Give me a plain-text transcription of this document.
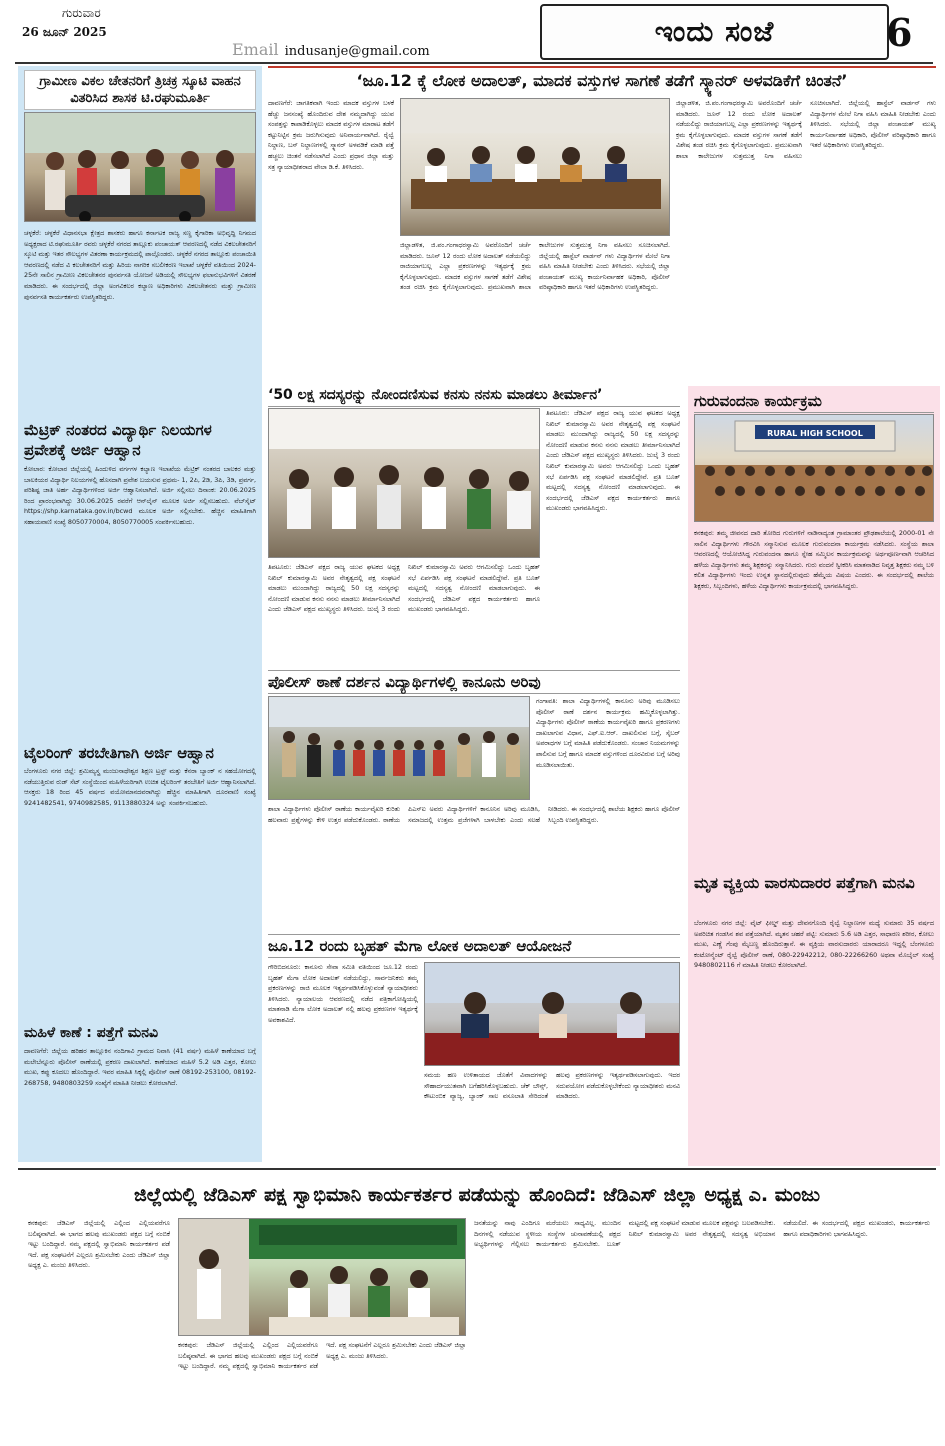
ಗುರುವಾರ
26 ಜೂನ್ 2025
Email indusanje@gmail.com
ಇಂದು ಸಂಜೆ	6
ಗ್ರಾಮೀಣ ವಿಕಲ ಚೇತನರಿಗೆ ತ್ರಿಚಕ್ರ ಸ್ಕೂಟಿ ವಾಹನ ವಿತರಿಸಿದ ಶಾಸಕ ಟಿ.ರಘುಮೂರ್ತಿ
ಚಳ್ಳಕೆರೆ: ಚಳ್ಳಕೆರೆ ವಿಧಾನಸಭಾ ಕ್ಷೇತ್ರದ ಶಾಸಕರು ಹಾಗೂ ಕರ್ನಾಟಕ ರಾಜ್ಯ ಸಣ್ಣ ಕೈಗಾರಿಕಾ ಅಭಿವೃದ್ಧಿ ನಿಗಮದ ಅಧ್ಯಕ್ಷರಾದ ಟಿ.ರಘುಮೂರ್ತಿ ರವರು ಚಳ್ಳಕೆರೆ ನಗರದ ತಾಲ್ಲೂಕು ಪಂಚಾಯತ್ ಆವರಣದಲ್ಲಿ ನಡೆದ ವಿಕಲಚೇತನರಿಗೆ ಸ್ಕೂಟಿ ಮತ್ತು ಇತರ ಸೌಲಭ್ಯಗಳ ವಿತರಣಾ ಕಾರ್ಯಕ್ರಮದಲ್ಲಿ ಪಾಲ್ಗೊಂಡರು. ಚಳ್ಳಕೆರೆ ನಗರದ ತಾಲ್ಲೂಕು ಪಂಚಾಯಿತಿ ಆವರಣದಲ್ಲಿ ನಡೆದ ವಿ ಕಲಚೇತನರಿಗೆ ಮತ್ತು ಹಿರಿಯ ನಾಗರಿಕ ಸಬಲೀಕರಣ ಇಲಾಖೆ ಚಳ್ಳಕೆರೆ ವತಿಯಿಂದ 2024-25ನೇ ಸಾಲಿನ ಗ್ರಾಮೀಣ ವಿಕಲಚೇತನರ ಪುನರ್ವಸತಿ ಯೋಜನೆ ಅಡಿಯಲ್ಲಿ ಸೌಲಭ್ಯಗಳ ಫಲಾನುಭವಿಗಳಿಗೆ ವಿತರಣೆ ಮಾಡಿದರು. ಈ ಸಂದರ್ಭದಲ್ಲಿ ಜಿಲ್ಲಾ ಅಂಗವಿಕಲರ ಕಲ್ಯಾಣ ಅಧಿಕಾರಿಗಳು ವಿಕಲಚೇತನರು ಮತ್ತು ಗ್ರಾಮೀಣ ಪುನರ್ವಸತಿ ಕಾರ್ಯಕರ್ತರು ಉಪಸ್ಥಿತರಿದ್ದರು.
ಮೆಟ್ರಿಕ್ ನಂತರದ ವಿದ್ಯಾರ್ಥಿ ನಿಲಯಗಳ ಪ್ರವೇಶಕ್ಕೆ ಅರ್ಜಿ ಆಹ್ವಾನ
ಕೋಲಾರ: ಕೋಲಾರ ಜಿಲ್ಲೆಯಲ್ಲಿ ಹಿಂದುಳಿದ ವರ್ಗಗಳ ಕಲ್ಯಾಣ ಇಲಾಖೆಯ ಮೆಟ್ರಿಕ್ ನಂತರದ ಬಾಲಕರ ಮತ್ತು ಬಾಲಕಿಯರ ವಿದ್ಯಾರ್ಥಿ ನಿಲಯಗಳಲ್ಲಿ ಹೊಸದಾಗಿ ಪ್ರವೇಶ ಬಯಸುವ ಪ್ರಥಮ- 1, 2ಪಿ, 2ಡಿ, 3ಪಿ, 3ಡಿ, ಪ್ರವರ್ಗ, ಪರಿಶಿಷ್ಟ ಜಾತಿ ಅರ್ಹ ವಿದ್ಯಾರ್ಥಿಗಳಿಂದ ಅರ್ಜಿ ಆಹ್ವಾನಿಸಲಾಗಿದೆ. ಅರ್ಜಿ ಸಲ್ಲಿಸಲು ದಿನಾಂಕ: 20.06.2025 ರಿಂದ ಪ್ರಾರಂಭವಾಗಿದ್ದು 30.06.2025 ರವರೆಗೆ ಆನ್‌ಲೈನ್ ಮೂಲಕ ಅರ್ಜಿ ಸಲ್ಲಿಸಬಹುದು. ವೆಬ್‌ಸೈಟ್ https://shp.karnataka.gov.in/bcwd ಮೂಲಕ ಅರ್ಜಿ ಸಲ್ಲಿಸಬೇಕು. ಹೆಚ್ಚಿನ ಮಾಹಿತಿಗಾಗಿ ಸಹಾಯವಾಣಿ ಸಂಖ್ಯೆ 8050770004, 8050770005 ಸಂಪರ್ಕಿಸಬಹುದು.
ಟೈಲರಿಂಗ್ ತರಬೇತಿಗಾಗಿ ಅರ್ಜಿ ಆಹ್ವಾನ
ಬೆಂಗಳೂರು ನಗರ ಜಿಲ್ಲೆ: ಶ್ರಮಿಮ್ಯಸ್ತ್ರ ಮಂಜುನಾಥೇಶ್ವರ ಶಿಕ್ಷಣ ಟ್ರಸ್ಟ್ ಮತ್ತು ಕೆನರಾ ಬ್ಯಾಂಕ್ ನ ಸಹಯೋಗದಲ್ಲಿ ನಡೆಯುತ್ತಿರುವ ರುಡ್ ಸೆಟ್ ಸಂಸ್ಥೆಯಿಂದ ಮಹಿಳೆಯರಿಗಾಗಿ ಉಚಿತ ಟೈಲರಿಂಗ್ ತರಬೇತಿಗೆ ಅರ್ಜಿ ಆಹ್ವಾನಿಸಲಾಗಿದೆ. ಆಸಕ್ತರು 18 ರಿಂದ 45 ವರ್ಷದ ವಯೋಮಾನದವರಾಗಿದ್ದು ಹೆಚ್ಚಿನ ಮಾಹಿತಿಗಾಗಿ ದೂರವಾಣಿ ಸಂಖ್ಯೆ 9241482541, 9740982585, 9113880324 ಅನ್ನು ಸಂಪರ್ಕಿಸಬಹುದು.
ಮಹಿಳೆ ಕಾಣೆ : ಪತ್ತೆಗೆ ಮನವಿ
ದಾವಣಗೆರೆ: ಜಿಲ್ಲೆಯ ಹರಿಹರ ತಾಲ್ಲೂಕಿನ ನಂದಿಗಾವಿ ಗ್ರಾಮದ ನಿವಾಸಿ (41 ವರ್ಷ) ಮಹಿಳೆ ಕಾಣೆಯಾದ ಬಗ್ಗೆ ಮಲೇಬೆನ್ನೂರು ಪೊಲೀಸ್ ಠಾಣೆಯಲ್ಲಿ ಪ್ರಕರಣ ದಾಖಲಾಗಿದೆ. ಕಾಣೆಯಾದ ಮಹಿಳೆ 5.2 ಅಡಿ ಎತ್ತರ, ಕೋಲು ಮುಖ, ಕಪ್ಪು ಕೂದಲು ಹೊಂದಿದ್ದಾರೆ. ಇವರ ಮಾಹಿತಿ ಸಿಕ್ಕಲ್ಲಿ ಪೊಲೀಸ್ ಠಾಣೆ 08192-253100, 08192-268758, 9480803259 ಸಂಖ್ಯೆಗೆ ಮಾಹಿತಿ ನೀಡಲು ಕೋರಲಾಗಿದೆ.
‘ಜೂ.12 ಕ್ಕೆ ಲೋಕ ಅದಾಲತ್, ಮಾದಕ ವಸ್ತುಗಳ ಸಾಗಣೆ ತಡೆಗೆ ಸ್ಕ್ಯಾನರ್ ಅಳವಡಿಕೆಗೆ ಚಿಂತನೆ’
ದಾವಣಗೆರೆ: ಜಾಗತಿಕವಾಗಿ ಇಂದು ಮಾದಕ ವಸ್ತುಗಳ ಬಳಕೆ ಹೆಚ್ಚು ಜನಸಂಖ್ಯೆ ಹೊಂದಿರುವ ದೇಶ ನಮ್ಮದಾಗಿದ್ದು ಯುವ ಸಂಪತ್ತನ್ನು ಕಾಪಾಡಿಕೊಳ್ಳಲು ಮಾದಕ ವಸ್ತುಗಳ ಮಾರಾಟ ತಡೆಗೆ ಕಟ್ಟುನಿಟ್ಟಿನ ಕ್ರಮ ಜರುಗಿಸುವುದು ಅನಿವಾರ್ಯವಾಗಿದೆ. ರೈಲ್ವೆ ನಿಲ್ದಾಣ, ಬಸ್ ನಿಲ್ದಾಣಗಳಲ್ಲಿ ಸ್ಕ್ಯಾನರ್ ಅಳವಡಿಕೆ ಮಾಡಿ ಪತ್ತೆ ಹಚ್ಚಲು ಚಿಂತನೆ ನಡೆಸಲಾಗಿದೆ ಎಂದು ಪ್ರಧಾನ ಜಿಲ್ಲಾ ಮತ್ತು ಸತ್ರ ನ್ಯಾಯಾಧೀಶರಾದ ವೇಲಾ ಡಿ.ಕೆ. ತಿಳಿಸಿದರು.
ಜಿಲ್ಲಾಡಳಿತ, ಜಿ.ಪಂ.ಗಂಗಾಧರಸ್ವಾಮಿ ಅವರೊಂದಿಗೆ ಚರ್ಚೆ ಮಾಡಿದರು. ಜೂನ್ 12 ರಂದು ಲೋಕ ಅದಾಲತ್ ನಡೆಯಲಿದ್ದು ರಾಜಿಯಾಗಬಲ್ಲ ಎಲ್ಲಾ ಪ್ರಕರಣಗಳನ್ನು ಇತ್ಯರ್ಥಕ್ಕೆ ಕ್ರಮ ಕೈಗೊಳ್ಳಲಾಗುವುದು. ಮಾದಕ ವಸ್ತುಗಳ ಸಾಗಣೆ ತಡೆಗೆ ವಿಶೇಷ ತಂಡ ರಚಿಸಿ ಕ್ರಮ ಕೈಗೊಳ್ಳಲಾಗುವುದು. ಪ್ರಮುಖವಾಗಿ ಶಾಲಾ ಕಾಲೇಜುಗಳ ಸುತ್ತಮುತ್ತ ನಿಗಾ ವಹಿಸಲು ಸೂಚಿಸಲಾಗಿದೆ. ಜಿಲ್ಲೆಯಲ್ಲಿ ಹಾಸ್ಟೆಲ್ ವಾರ್ಡನ್ ಗಳು ವಿದ್ಯಾರ್ಥಿಗಳ ಮೇಲೆ ನಿಗಾ ವಹಿಸಿ ಮಾಹಿತಿ ನೀಡಬೇಕು ಎಂದು ತಿಳಿಸಿದರು. ಸಭೆಯಲ್ಲಿ ಜಿಲ್ಲಾ ಪಂಚಾಯತ್ ಮುಖ್ಯ ಕಾರ್ಯನಿರ್ವಾಹಕ ಅಧಿಕಾರಿ, ಪೊಲೀಸ್ ವರಿಷ್ಠಾಧಿಕಾರಿ ಹಾಗೂ ಇತರೆ ಅಧಿಕಾರಿಗಳು ಉಪಸ್ಥಿತರಿದ್ದರು.
ಜಿಲ್ಲಾಡಳಿತ, ಜಿ.ಪಂ.ಗಂಗಾಧರಸ್ವಾಮಿ ಅವರೊಂದಿಗೆ ಚರ್ಚೆ ಮಾಡಿದರು. ಜೂನ್ 12 ರಂದು ಲೋಕ ಅದಾಲತ್ ನಡೆಯಲಿದ್ದು ರಾಜಿಯಾಗಬಲ್ಲ ಎಲ್ಲಾ ಪ್ರಕರಣಗಳನ್ನು ಇತ್ಯರ್ಥಕ್ಕೆ ಕ್ರಮ ಕೈಗೊಳ್ಳಲಾಗುವುದು. ಮಾದಕ ವಸ್ತುಗಳ ಸಾಗಣೆ ತಡೆಗೆ ವಿಶೇಷ ತಂಡ ರಚಿಸಿ ಕ್ರಮ ಕೈಗೊಳ್ಳಲಾಗುವುದು. ಪ್ರಮುಖವಾಗಿ ಶಾಲಾ ಕಾಲೇಜುಗಳ ಸುತ್ತಮುತ್ತ ನಿಗಾ ವಹಿಸಲು ಸೂಚಿಸಲಾಗಿದೆ. ಜಿಲ್ಲೆಯಲ್ಲಿ ಹಾಸ್ಟೆಲ್ ವಾರ್ಡನ್ ಗಳು ವಿದ್ಯಾರ್ಥಿಗಳ ಮೇಲೆ ನಿಗಾ ವಹಿಸಿ ಮಾಹಿತಿ ನೀಡಬೇಕು ಎಂದು ತಿಳಿಸಿದರು. ಸಭೆಯಲ್ಲಿ ಜಿಲ್ಲಾ ಪಂಚಾಯತ್ ಮುಖ್ಯ ಕಾರ್ಯನಿರ್ವಾಹಕ ಅಧಿಕಾರಿ, ಪೊಲೀಸ್ ವರಿಷ್ಠಾಧಿಕಾರಿ ಹಾಗೂ ಇತರೆ ಅಧಿಕಾರಿಗಳು ಉಪಸ್ಥಿತರಿದ್ದರು.
‘50 ಲಕ್ಷ ಸದಸ್ಯರನ್ನು ನೋಂದಣಿಸುವ ಕನಸು ನನಸು ಮಾಡಲು ತೀರ್ಮಾನ’
ತಿಪಟೂರು: ಜೆಡಿಎಸ್ ಪಕ್ಷದ ರಾಜ್ಯ ಯುವ ಘಟಕದ ಅಧ್ಯಕ್ಷ ನಿಖಿಲ್ ಕುಮಾರಸ್ವಾಮಿ ಅವರ ನೇತೃತ್ವದಲ್ಲಿ ಪಕ್ಷ ಸಂಘಟನೆ ಮಾಡಲು ಮುಂದಾಗಿದ್ದು ರಾಜ್ಯದಲ್ಲಿ 50 ಲಕ್ಷ ಸದಸ್ಯರನ್ನು ನೋಂದಣಿ ಮಾಡುವ ಕನಸು ನನಸು ಮಾಡಲು ತೀರ್ಮಾನಿಸಲಾಗಿದೆ ಎಂದು ಜೆಡಿಎಸ್ ಪಕ್ಷದ ಮುಖ್ಯಸ್ಥರು ತಿಳಿಸಿದರು. ಜುಲೈ 3 ರಂದು ನಿಖಿಲ್ ಕುಮಾರಸ್ವಾಮಿ ಅವರು ಆಗಮಿಸಲಿದ್ದು ಒಂದು ಬೃಹತ್ ಸಭೆ ಏರ್ಪಡಿಸಿ ಪಕ್ಷ ಸಂಘಟನೆ ಮಾಡಲಿದ್ದೇವೆ. ಪ್ರತಿ ಬೂತ್ ಮಟ್ಟದಲ್ಲಿ ಸದಸ್ಯತ್ವ ನೋಂದಣಿ ಮಾಡಲಾಗುವುದು. ಈ ಸಂದರ್ಭದಲ್ಲಿ ಜೆಡಿಎಸ್ ಪಕ್ಷದ ಕಾರ್ಯಕರ್ತರು ಹಾಗೂ ಮುಖಂಡರು ಭಾಗವಹಿಸಿದ್ದರು.
ತಿಪಟೂರು: ಜೆಡಿಎಸ್ ಪಕ್ಷದ ರಾಜ್ಯ ಯುವ ಘಟಕದ ಅಧ್ಯಕ್ಷ ನಿಖಿಲ್ ಕುಮಾರಸ್ವಾಮಿ ಅವರ ನೇತೃತ್ವದಲ್ಲಿ ಪಕ್ಷ ಸಂಘಟನೆ ಮಾಡಲು ಮುಂದಾಗಿದ್ದು ರಾಜ್ಯದಲ್ಲಿ 50 ಲಕ್ಷ ಸದಸ್ಯರನ್ನು ನೋಂದಣಿ ಮಾಡುವ ಕನಸು ನನಸು ಮಾಡಲು ತೀರ್ಮಾನಿಸಲಾಗಿದೆ ಎಂದು ಜೆಡಿಎಸ್ ಪಕ್ಷದ ಮುಖ್ಯಸ್ಥರು ತಿಳಿಸಿದರು. ಜುಲೈ 3 ರಂದು ನಿಖಿಲ್ ಕುಮಾರಸ್ವಾಮಿ ಅವರು ಆಗಮಿಸಲಿದ್ದು ಒಂದು ಬೃಹತ್ ಸಭೆ ಏರ್ಪಡಿಸಿ ಪಕ್ಷ ಸಂಘಟನೆ ಮಾಡಲಿದ್ದೇವೆ. ಪ್ರತಿ ಬೂತ್ ಮಟ್ಟದಲ್ಲಿ ಸದಸ್ಯತ್ವ ನೋಂದಣಿ ಮಾಡಲಾಗುವುದು. ಈ ಸಂದರ್ಭದಲ್ಲಿ ಜೆಡಿಎಸ್ ಪಕ್ಷದ ಕಾರ್ಯಕರ್ತರು ಹಾಗೂ ಮುಖಂಡರು ಭಾಗವಹಿಸಿದ್ದರು.
ಗುರುವಂದನಾ ಕಾರ್ಯಕ್ರಮ
RURAL HIGH SCHOOL
ಕನಕಪುರ: ತಮ್ಮ ಜೀವನದ ದಾರಿ ತೋರಿದ ಗುರುಗಳಿಗೆ ನಾಡಿನಾದ್ಯಂತ ಗ್ರಾಮಾಂತರ ಪ್ರೌಢಶಾಲೆಯಲ್ಲಿ 2000-01 ನೇ ಸಾಲಿನ ವಿದ್ಯಾರ್ಥಿಗಳು ಗೌರವಿಸಿ ಸನ್ಮಾನಿಸುವ ಮೂಲಕ ಗುರುವಂದನಾ ಕಾರ್ಯಕ್ರಮ ನಡೆಸಿದರು. ಸಂಸ್ಥೆಯ ಶಾಲಾ ಆವರಣದಲ್ಲಿ ಆಯೋಜಿಸಿದ್ದ ಗುರುವಂದನಾ ಹಾಗೂ ಸ್ನೇಹ ಸಮ್ಮಿಲನ ಕಾರ್ಯಕ್ರಮವನ್ನು ಅರ್ಥಪೂರ್ಣವಾಗಿ ಆಚರಿಸಿದ ಹಳೆಯ ವಿದ್ಯಾರ್ಥಿಗಳು ತಮ್ಮ ಶಿಕ್ಷಕರನ್ನು ಸನ್ಮಾನಿಸಿದರು. ಗುರು ವಂದನೆ ಸ್ವೀಕರಿಸಿ ಮಾತನಾಡಿದ ನಿವೃತ್ತ ಶಿಕ್ಷಕರು ನಮ್ಮ ಬಳಿ ಕಲಿತ ವಿದ್ಯಾರ್ಥಿಗಳು ಇಂದು ಉನ್ನತ ಸ್ಥಾನದಲ್ಲಿರುವುದು ಹೆಮ್ಮೆಯ ವಿಷಯ ಎಂದರು. ಈ ಸಂದರ್ಭದಲ್ಲಿ ಶಾಲೆಯ ಶಿಕ್ಷಕರು, ಸಿಬ್ಬಂದಿಗಳು, ಹಳೆಯ ವಿದ್ಯಾರ್ಥಿಗಳು ಕಾರ್ಯಕ್ರಮದಲ್ಲಿ ಭಾಗವಹಿಸಿದ್ದರು.
ಪೊಲೀಸ್ ಠಾಣೆ ದರ್ಶನ ವಿದ್ಯಾರ್ಥಿಗಳಲ್ಲಿ ಕಾನೂನು ಅರಿವು
ಗಂಗಾವತಿ: ಶಾಲಾ ವಿದ್ಯಾರ್ಥಿಗಳಲ್ಲಿ ಕಾನೂನು ಅರಿವು ಮೂಡಿಸಲು ಪೊಲೀಸ್ ಠಾಣೆ ದರ್ಶನ ಕಾರ್ಯಕ್ರಮ ಹಮ್ಮಿಕೊಳ್ಳಲಾಗಿತ್ತು. ವಿದ್ಯಾರ್ಥಿಗಳು ಪೊಲೀಸ್ ಠಾಣೆಯ ಕಾರ್ಯವೈಖರಿ ಹಾಗೂ ಪ್ರಕರಣಗಳು ದಾಖಲಾಗುವ ವಿಧಾನ, ಎಫ್.ಐ.ಆರ್. ದಾಖಲಿಸುವ ಬಗ್ಗೆ, ಸೈಬರ್ ಅಪರಾಧಗಳ ಬಗ್ಗೆ ಮಾಹಿತಿ ಪಡೆದುಕೊಂಡರು. ಸಂಚಾರ ನಿಯಮಗಳನ್ನು ಪಾಲಿಸುವ ಬಗ್ಗೆ ಹಾಗೂ ಮಾದಕ ವಸ್ತುಗಳಿಂದ ದೂರವಿರುವ ಬಗ್ಗೆ ಅರಿವು ಮೂಡಿಸಲಾಯಿತು.
ಶಾಲಾ ವಿದ್ಯಾರ್ಥಿಗಳು ಪೊಲೀಸ್ ಠಾಣೆಯ ಕಾರ್ಯವೈಖರಿ ಕುರಿತು ಹಲವಾರು ಪ್ರಶ್ನೆಗಳನ್ನು ಕೇಳಿ ಉತ್ತರ ಪಡೆದುಕೊಂಡರು. ಠಾಣೆಯ ಪಿಎಸ್ಐ ಅವರು ವಿದ್ಯಾರ್ಥಿಗಳಿಗೆ ಕಾನೂನಿನ ಅರಿವು ಮೂಡಿಸಿ, ಸಮಾಜದಲ್ಲಿ ಉತ್ತಮ ಪ್ರಜೆಗಳಾಗಿ ಬಾಳಬೇಕು ಎಂದು ಸಲಹೆ ನೀಡಿದರು. ಈ ಸಂದರ್ಭದಲ್ಲಿ ಶಾಲೆಯ ಶಿಕ್ಷಕರು ಹಾಗೂ ಪೊಲೀಸ್ ಸಿಬ್ಬಂದಿ ಉಪಸ್ಥಿತರಿದ್ದರು.
ಮೃತ ವ್ಯಕ್ತಿಯ ವಾರಸುದಾರರ ಪತ್ತೆಗಾಗಿ ಮನವಿ
ಬೆಂಗಳೂರು ನಗರ ಜಿಲ್ಲೆ: ವೈಟ್ ಫೀಲ್ಡ್ ಮತ್ತು ದೇವನಗೊಂದಿ ರೈಲ್ವೆ ನಿಲ್ದಾಣಗಳ ಮಧ್ಯೆ ಸುಮಾರು 35 ವರ್ಷದ ಅಪರಿಚಿತ ಗಂಡಸಿನ ಶವ ಪತ್ತೆಯಾಗಿದೆ. ಮೃತನ ಚಹರೆ ಪಟ್ಟಿ: ಸುಮಾರು 5.6 ಅಡಿ ಎತ್ತರ, ಸಾಧಾರಣ ಶರೀರ, ಕೋಲು ಮುಖ, ಎಣ್ಣೆ ಗೆಂಪು ಮೈಬಣ್ಣ ಹೊಂದಿರುತ್ತಾನೆ. ಈ ವ್ಯಕ್ತಿಯ ವಾರಸುದಾರರು ಯಾರಾದರೂ ಇದ್ದಲ್ಲಿ ಬೆಂಗಳೂರು ಕಂಟೋನ್ಮೆಂಟ್ ರೈಲ್ವೆ ಪೊಲೀಸ್ ಠಾಣೆ, 080-22942212, 080-22266260 ಅಥವಾ ಮೊಬೈಲ್ ಸಂಖ್ಯೆ 9480802116 ಗೆ ಮಾಹಿತಿ ನೀಡಲು ಕೋರಲಾಗಿದೆ.
ಜೂ.12 ರಂದು ಬೃಹತ್ ಮೆಗಾ ಲೋಕ ಅದಾಲತ್ ಆಯೋಜನೆ
ಗೌರಿಬಿದನೂರು: ಕಾನೂನು ಸೇವಾ ಸಮಿತಿ ವತಿಯಿಂದ ಜೂ.12 ರಂದು ಬೃಹತ್ ಮೆಗಾ ಲೋಕ ಅದಾಲತ್ ನಡೆಯಲಿದ್ದು, ಸಾರ್ವಜನಿಕರು ತಮ್ಮ ಪ್ರಕರಣಗಳನ್ನು ರಾಜಿ ಮೂಲಕ ಇತ್ಯರ್ಥಪಡಿಸಿಕೊಳ್ಳುವಂತೆ ನ್ಯಾಯಾಧೀಶರು ತಿಳಿಸಿದರು. ನ್ಯಾಯಾಲಯ ಆವರಣದಲ್ಲಿ ನಡೆದ ಪತ್ರಿಕಾಗೋಷ್ಠಿಯಲ್ಲಿ ಮಾತನಾಡಿ ಮೆಗಾ ಲೋಕ ಅದಾಲತ್ ನಲ್ಲಿ ಹಲವು ಪ್ರಕರಣಗಳ ಇತ್ಯರ್ಥಕ್ಕೆ ಅವಕಾಶವಿದೆ.
ಸಮಯ ಹಣ ಉಳಿತಾಯದ ಜೊತೆಗೆ ವಿವಾದಗಳನ್ನು ಸೌಹಾರ್ದಯುತವಾಗಿ ಬಗೆಹರಿಸಿಕೊಳ್ಳಬಹುದು. ಚೆಕ್ ಬೌನ್ಸ್, ಕೌಟುಂಬಿಕ ವ್ಯಾಜ್ಯ, ಬ್ಯಾಂಕ್ ಸಾಲ ವಸೂಲಾತಿ ಸೇರಿದಂತೆ ಹಲವು ಪ್ರಕರಣಗಳನ್ನು ಇತ್ಯರ್ಥಪಡಿಸಲಾಗುವುದು. ಇದರ ಸದುಪಯೋಗ ಪಡೆದುಕೊಳ್ಳಬೇಕೆಂದು ನ್ಯಾಯಾಧೀಶರು ಮನವಿ ಮಾಡಿದರು.
ಜಿಲ್ಲೆಯಲ್ಲಿ ಜೆಡಿಎಸ್ ಪಕ್ಷ ಸ್ವಾಭಿಮಾನಿ ಕಾರ್ಯಕರ್ತರ ಪಡೆಯನ್ನು ಹೊಂದಿದೆ: ಜೆಡಿಎಸ್ ಜಿಲ್ಲಾ ಅಧ್ಯಕ್ಷ ಎ. ಮಂಜು
ಕನಕಪುರ: ಜೆಡಿಎಸ್ ಜಿಲ್ಲೆಯಲ್ಲಿ ಎಲ್ಲಿಂದ ಎಲ್ಲಿಯವರೆಗೂ ಬಲಿಷ್ಠವಾಗಿದೆ. ಈ ಭಾಗದ ಹಲವು ಮುಖಂಡರು ಪಕ್ಷದ ಬಗ್ಗೆ ನಂಬಿಕೆ ಇಟ್ಟು ಬಂದಿದ್ದಾರೆ. ನಮ್ಮ ಪಕ್ಷದಲ್ಲಿ ಸ್ವಾಭಿಮಾನಿ ಕಾರ್ಯಕರ್ತರ ಪಡೆ ಇದೆ. ಪಕ್ಷ ಸಂಘಟನೆಗೆ ಎಲ್ಲರೂ ಶ್ರಮಿಸಬೇಕು ಎಂದು ಜೆಡಿಎಸ್ ಜಿಲ್ಲಾ ಅಧ್ಯಕ್ಷ ಎ. ಮಂಜು ತಿಳಿಸಿದರು.
ಕನಕಪುರ: ಜೆಡಿಎಸ್ ಜಿಲ್ಲೆಯಲ್ಲಿ ಎಲ್ಲಿಂದ ಎಲ್ಲಿಯವರೆಗೂ ಬಲಿಷ್ಠವಾಗಿದೆ. ಈ ಭಾಗದ ಹಲವು ಮುಖಂಡರು ಪಕ್ಷದ ಬಗ್ಗೆ ನಂಬಿಕೆ ಇಟ್ಟು ಬಂದಿದ್ದಾರೆ. ನಮ್ಮ ಪಕ್ಷದಲ್ಲಿ ಸ್ವಾಭಿಮಾನಿ ಕಾರ್ಯಕರ್ತರ ಪಡೆ ಇದೆ. ಪಕ್ಷ ಸಂಘಟನೆಗೆ ಎಲ್ಲರೂ ಶ್ರಮಿಸಬೇಕು ಎಂದು ಜೆಡಿಎಸ್ ಜಿಲ್ಲಾ ಅಧ್ಯಕ್ಷ ಎ. ಮಂಜು ತಿಳಿಸಿದರು.
ಜನತೆಯನ್ನು ನಾವು ಎಂದಿಗೂ ಮರೆಯಲು ಸಾಧ್ಯವಿಲ್ಲ. ಮುಂದಿನ ದಿನಗಳಲ್ಲಿ ನಡೆಯುವ ಸ್ಥಳೀಯ ಸಂಸ್ಥೆಗಳ ಚುನಾವಣೆಯಲ್ಲಿ ಪಕ್ಷದ ಅಭ್ಯರ್ಥಿಗಳನ್ನು ಗೆಲ್ಲಿಸಲು ಕಾರ್ಯಕರ್ತರು ಶ್ರಮಿಸಬೇಕು. ಬೂತ್ ಮಟ್ಟದಲ್ಲಿ ಪಕ್ಷ ಸಂಘಟನೆ ಮಾಡುವ ಮೂಲಕ ಪಕ್ಷವನ್ನು ಬಲಪಡಿಸಬೇಕು. ನಿಖಿಲ್ ಕುಮಾರಸ್ವಾಮಿ ಅವರ ನೇತೃತ್ವದಲ್ಲಿ ಸದಸ್ಯತ್ವ ಅಭಿಯಾನ ನಡೆಯಲಿದೆ. ಈ ಸಂದರ್ಭದಲ್ಲಿ ಪಕ್ಷದ ಮುಖಂಡರು, ಕಾರ್ಯಕರ್ತರು ಹಾಗೂ ಪದಾಧಿಕಾರಿಗಳು ಭಾಗವಹಿಸಿದ್ದರು.
